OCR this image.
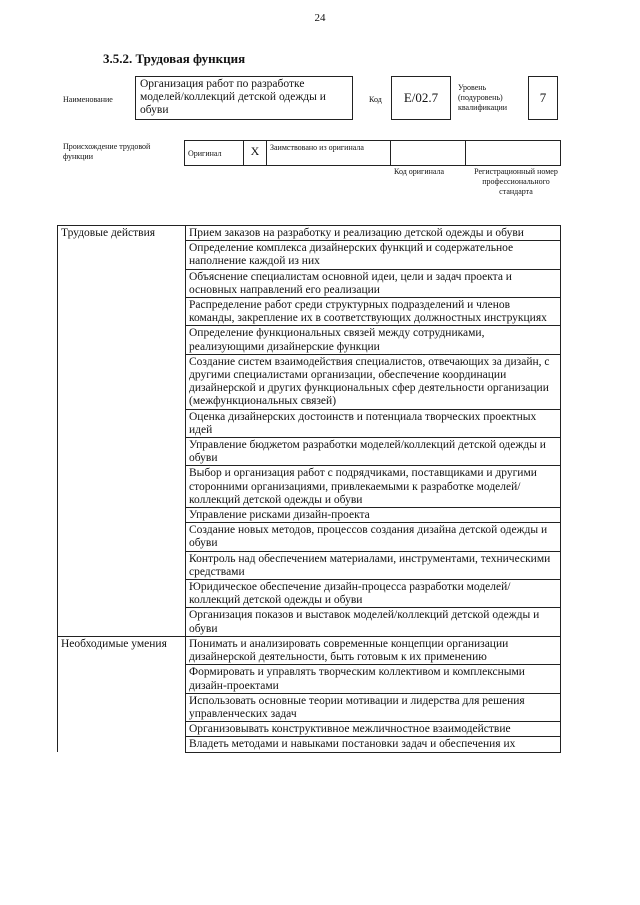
24
3.5.2. Трудовая функция
Наименование
Организация работ по разработке моделей/коллекций детской одежды и обуви
Код	E/02.7
Уровень (подуровень) квалификации
7
Происхождение трудовой функции	Оригинал	X	Заимствовано из оригинала
Код оригинала	Регистрационный номер профессионального стандарта
Трудовые действия	Прием заказов на разработку и реализацию детской одежды и обуви
	Определение комплекса дизайнерских функций и содержательное наполнение каждой из них
	Объяснение специалистам основной идеи, цели и задач проекта и основных направлений его реализации
	Распределение работ среди структурных подразделений и членов команды, закрепление их в соответствующих должностных инструкциях
	Определение функциональных связей между сотрудниками, реализующими дизайнерские функции
	Создание систем взаимодействия специалистов, отвечающих за дизайн, с другими специалистами организации, обеспечение координации дизайнерской и других функциональных сфер деятельности организации (межфункциональных связей)
	Оценка дизайнерских достоинств и потенциала творческих проектных идей
	Управление бюджетом разработки моделей/коллекций детской одежды и обуви
	Выбор и организация работ с подрядчиками, поставщиками и другими сторонними организациями, привлекаемыми к разработке моделей/коллекций детской одежды и обуви
	Управление рисками дизайн-проекта
	Создание новых методов, процессов создания дизайна детской одежды и обуви
	Контроль над обеспечением материалами, инструментами, техническими средствами
	Юридическое обеспечение дизайн-процесса разработки моделей/коллекций детской одежды и обуви
	Организация показов и выставок моделей/коллекций детской одежды и обуви
Необходимые умения	Понимать и анализировать современные концепции организации дизайнерской деятельности, быть готовым к их применению
	Формировать и управлять творческим коллективом и комплексными дизайн-проектами
	Использовать основные теории мотивации и лидерства для решения управленческих задач
	Организовывать конструктивное межличностное взаимодействие
	Владеть методами и навыками постановки задач и обеспечения их
